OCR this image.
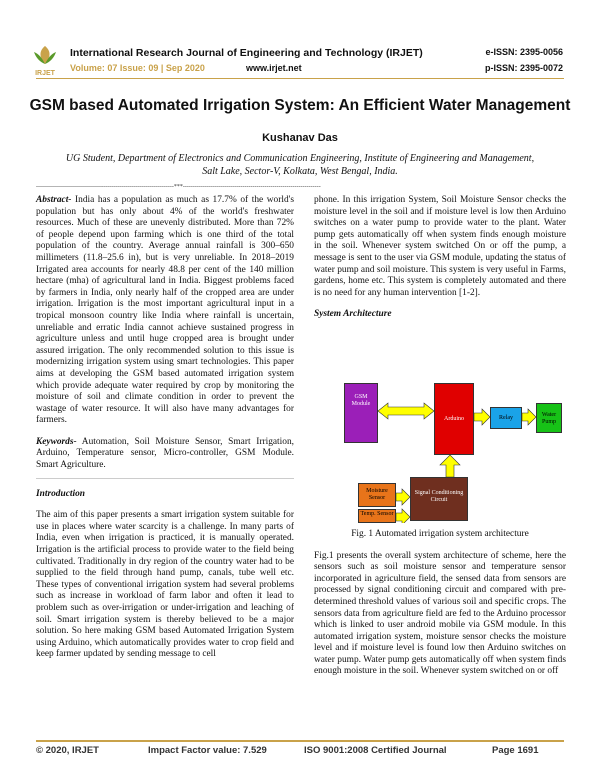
IRJET
International Research Journal of Engineering and Technology (IRJET)	e-ISSN: 2395-0056
Volume: 07 Issue: 09 | Sep 2020	www.irjet.net	p-ISSN: 2395-0072
GSM based Automated Irrigation System: An Efficient Water Management
Kushanav Das
UG Student, Department of Electronics and Communication Engineering, Institute of Engineering and Management,
Salt Lake, Sector-V, Kolkata, West Bengal, India.
---------------------------------------------------------------------***---------------------------------------------------------------------

Abstract- India has a population as much as 17.7% of the world's population but has only about 4% of the world's freshwater resources. Much of these are unevenly distributed. More than 72% of people depend upon farming which is one third of the total population of the country. Average annual rainfall is 300–650 millimeters (11.8–25.6 in), but is very unreliable. In 2018–2019 Irrigated area accounts for nearly 48.8 per cent of the 140 million hectare (mha) of agricultural land in India. Biggest problems faced by farmers in India, only nearly half of the cropped area are under irrigation. Irrigation is the most important agricultural input in a tropical monsoon country like India where rainfall is uncertain, unreliable and erratic India cannot achieve sustained progress in agriculture unless and until huge cropped area is brought under assured irrigation. The only recommended solution to this issue is modernizing irrigation system using smart technologies. This paper aims at developing the GSM based automated irrigation system which provide adequate water required by crop by monitoring the moisture of soil and climate condition in order to prevent the wastage of water resource. It will also have many advantages for farmers.

Keywords- Automation, Soil Moisture Sensor, Smart Irrigation, Arduino, Temperature sensor, Micro-controller, GSM Module. Smart Agriculture.

Introduction

The aim of this paper presents a smart irrigation system suitable for use in places where water scarcity is a challenge. In many parts of India, even when irrigation is practiced, it is manually operated. Irrigation is the artificial process to provide water to the field being cultivated. Traditionally in dry region of the country water had to be supplied to the field through hand pump, canals, tube well etc. These types of conventional irrigation system had several problems such as increase in workload of farm labor and often it lead to problem such as over-irrigation or under-irrigation and leaching of soil. Smart irrigation system is thereby believed to be a major solution. So here making GSM based Automated Irrigation System using Arduino, which automatically provides water to crop field and keep farmer updated by sending message to cell

phone. In this irrigation System, Soil Moisture Sensor checks the moisture level in the soil and if moisture level is low then Arduino switches on a water pump to provide water to the plant. Water pump gets automatically off when system finds enough moisture in the soil. Whenever system switched On or off the pump, a message is sent to the user via GSM module, updating the status of water pump and soil moisture. This system is very useful in Farms, gardens, home etc. This system is completely automated and there is no need for any human intervention [1-2].

System Architecture

GSM Module
Arduino	Relay	Water Pump
Signal Conditioning Circuit
Moisture Sensor
Temp. Sensor

Fig. 1 Automated irrigation system architecture

Fig.1 presents the overall system architecture of scheme, here the sensors such as soil moisture sensor and temperature sensor incorporated in agriculture field, the sensed data from sensors are processed by signal conditioning circuit and compared with pre-determined threshold values of various soil and specific crops. The sensors data from agriculture field are fed to the Arduino processor which is linked to user android mobile via GSM module. In this automated irrigation system, moisture sensor checks the moisture level and if moisture level is found low then Arduino switches on water pump. Water pump gets automatically off when system finds enough moisture in the soil. Whenever system switched on or off

© 2020, IRJET	Impact Factor value: 7.529	ISO 9001:2008 Certified Journal	Page 1691
